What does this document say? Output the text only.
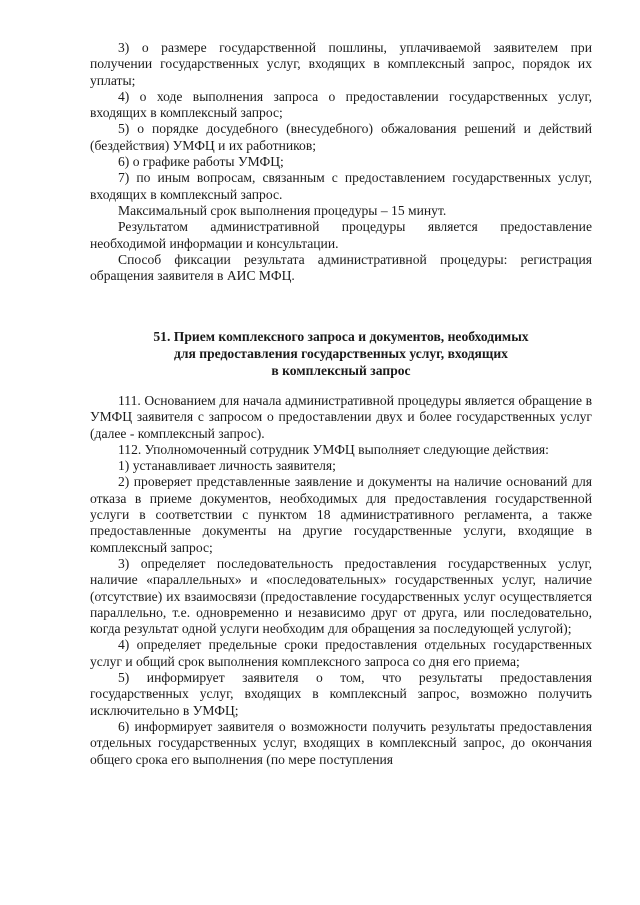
3) о размере государственной пошлины, уплачиваемой заявителем при получении государственных услуг, входящих в комплексный запрос, порядок их уплаты;

4) о ходе выполнения запроса о предоставлении государственных услуг, входящих в комплексный запрос;

5) о порядке досудебного (внесудебного) обжалования решений и действий (бездействия) УМФЦ и их работников;

6) о графике работы УМФЦ;

7) по иным вопросам, связанным с предоставлением государственных услуг, входящих в комплексный запрос.

Максимальный срок выполнения процедуры – 15 минут.

Результатом административной процедуры является предоставление необходимой информации и консультации.

Способ фиксации результата административной процедуры: регистрация обращения заявителя в АИС МФЦ.

51. Прием комплексного запроса и документов, необходимых
для предоставления государственных услуг, входящих
в комплексный запрос

111. Основанием для начала административной процедуры является обращение в УМФЦ заявителя с запросом о предоставлении двух и более государственных услуг (далее - комплексный запрос).

112. Уполномоченный сотрудник УМФЦ выполняет следующие действия:

1) устанавливает личность заявителя;

2) проверяет представленные заявление и документы на наличие оснований для отказа в приеме документов, необходимых для предоставления государственной услуги в соответствии с пунктом 18 административного регламента, а также предоставленные документы на другие государственные услуги, входящие в комплексный запрос;

3) определяет последовательность предоставления государственных услуг, наличие «параллельных» и «последовательных» государственных услуг, наличие (отсутствие) их взаимосвязи (предоставление государственных услуг осуществляется параллельно, т.е. одновременно и независимо друг от друга, или последовательно, когда результат одной услуги необходим для обращения за последующей услугой);

4) определяет предельные сроки предоставления отдельных государственных услуг и общий срок выполнения комплексного запроса со дня его приема;

5) информирует заявителя о том, что результаты предоставления государственных услуг, входящих в комплексный запрос, возможно получить исключительно в УМФЦ;

6) информирует заявителя о возможности получить результаты предоставления отдельных государственных услуг, входящих в комплексный запрос, до окончания общего срока его выполнения (по мере поступления
